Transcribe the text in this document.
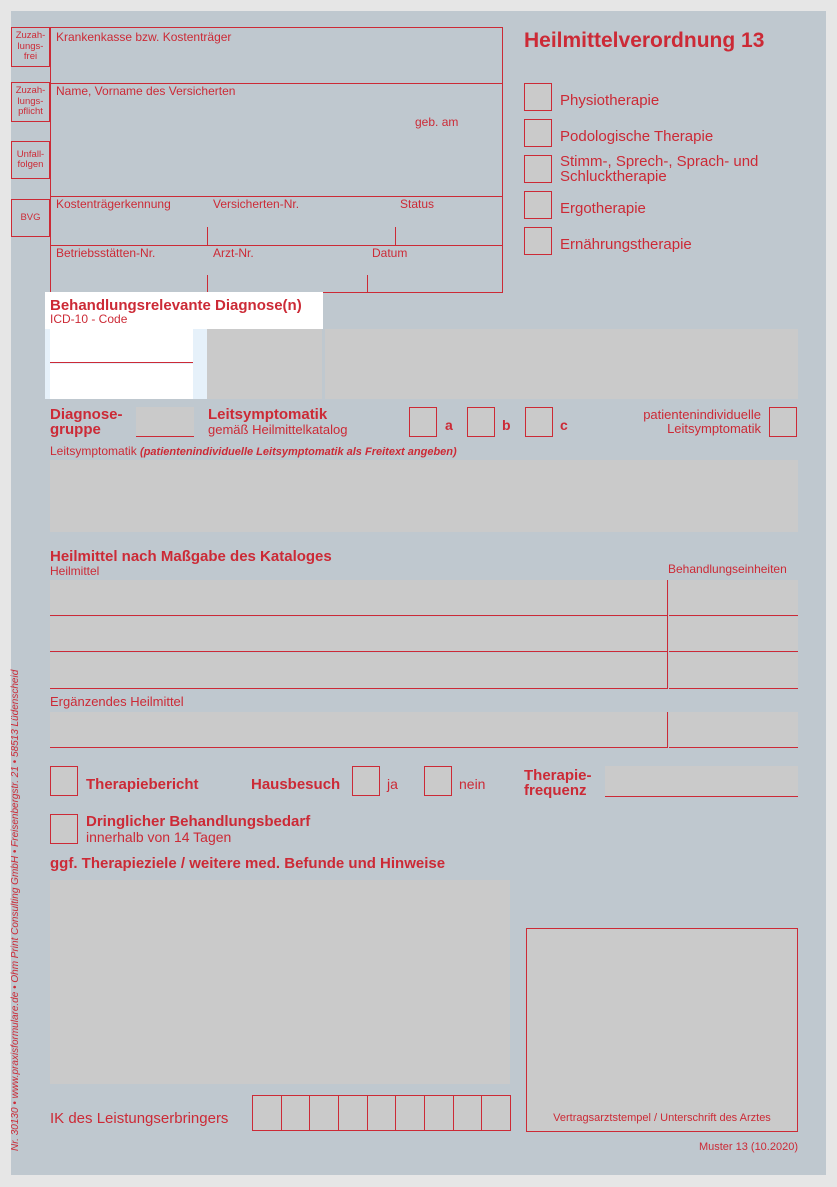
Zuzah-
lungs-
frei
Zuzah-
lungs-
pflicht
Unfall-
folgen
BVG
Krankenkasse bzw. Kostenträger
Name, Vorname des Versicherten
geb. am
Kostenträgerkennung	Versicherten-Nr.	Status
Betriebsstätten-Nr.	Arzt-Nr.	Datum
Heilmittelverordnung 13
Physiotherapie
Podologische Therapie
Stimm-, Sprech-, Sprach- und
Schlucktherapie
Ergotherapie
Ernährungstherapie
Behandlungsrelevante Diagnose(n)
ICD-10 - Code
Diagnose-
gruppe
Leitsymptomatik
gemäß Heilmittelkatalog	a	b	c
patientenindividuelle
Leitsymptomatik
Leitsymptomatik (patientenindividuelle Leitsymptomatik als Freitext angeben)
Heilmittel nach Maßgabe des Kataloges
Heilmittel	Behandlungseinheiten
Ergänzendes Heilmittel
Therapiebericht	Hausbesuch	ja	nein	Therapie-
frequenz
Dringlicher Behandlungsbedarf
innerhalb von 14 Tagen
ggf. Therapieziele / weitere med. Befunde und Hinweise
Vertragsarztstempel / Unterschrift des Arztes
IK des Leistungserbringers
Muster 13 (10.2020)
Nr. 30130 • www.praxisformulare.de • Ohm Print Consulting GmbH • Freisenbergstr. 21 • 58513 Lüdenscheid
